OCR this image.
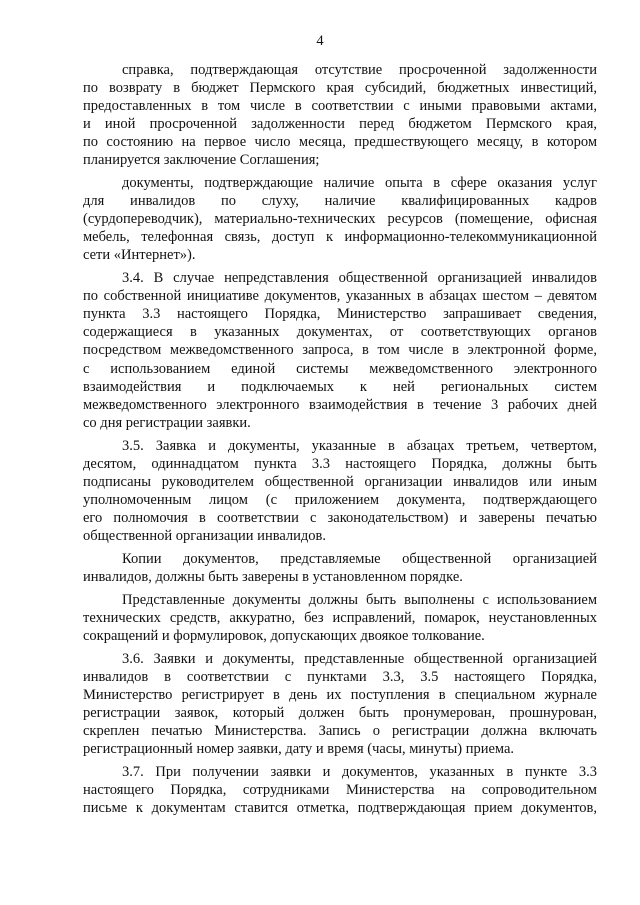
4
справка, подтверждающая отсутствие просроченной задолженности
по возврату в бюджет Пермского края субсидий, бюджетных инвестиций,
предоставленных в том числе в соответствии с иными правовыми актами,
и иной просроченной задолженности перед бюджетом Пермского края,
по состоянию на первое число месяца, предшествующего месяцу, в котором
планируется заключение Соглашения;
документы, подтверждающие наличие опыта в сфере оказания услуг
для инвалидов по слуху, наличие квалифицированных кадров
(сурдопереводчик), материально-технических ресурсов (помещение, офисная
мебель, телефонная связь, доступ к информационно-телекоммуникационной
сети «Интернет»).
3.4. В случае непредставления общественной организацией инвалидов
по собственной инициативе документов, указанных в абзацах шестом – девятом
пункта 3.3 настоящего Порядка, Министерство запрашивает сведения,
содержащиеся в указанных документах, от соответствующих органов
посредством межведомственного запроса, в том числе в электронной форме,
с использованием единой системы межведомственного электронного
взаимодействия и подключаемых к ней региональных систем
межведомственного электронного взаимодействия в течение 3 рабочих дней
со дня регистрации заявки.
3.5. Заявка и документы, указанные в абзацах третьем, четвертом,
десятом, одиннадцатом пункта 3.3 настоящего Порядка, должны быть
подписаны руководителем общественной организации инвалидов или иным
уполномоченным лицом (с приложением документа, подтверждающего
его полномочия в соответствии с законодательством) и заверены печатью
общественной организации инвалидов.
Копии документов, представляемые общественной организацией
инвалидов, должны быть заверены в установленном порядке.
Представленные документы должны быть выполнены с использованием
технических средств, аккуратно, без исправлений, помарок, неустановленных
сокращений и формулировок, допускающих двоякое толкование.
3.6. Заявки и документы, представленные общественной организацией
инвалидов в соответствии с пунктами 3.3, 3.5 настоящего Порядка,
Министерство регистрирует в день их поступления в специальном журнале
регистрации заявок, который должен быть пронумерован, прошнурован,
скреплен печатью Министерства. Запись о регистрации должна включать
регистрационный номер заявки, дату и время (часы, минуты) приема.
3.7. При получении заявки и документов, указанных в пункте 3.3
настоящего Порядка, сотрудниками Министерства на сопроводительном
письме к документам ставится отметка, подтверждающая прием документов,
